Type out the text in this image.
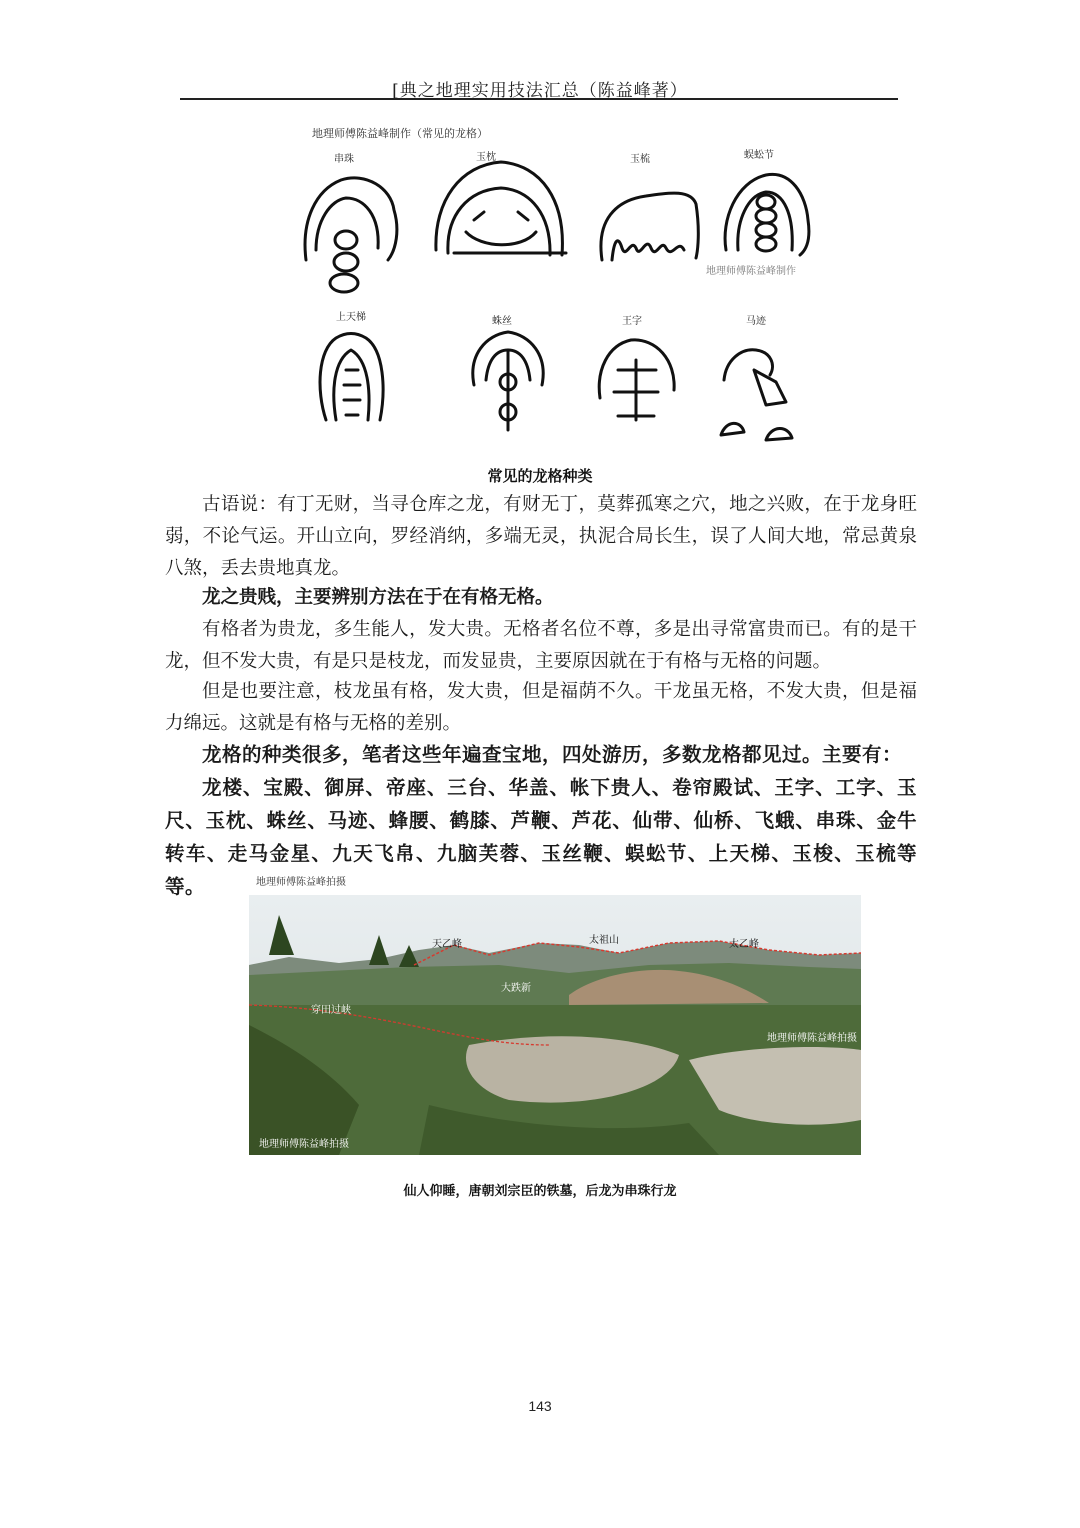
[典之地理实用技法汇总（陈益峰著）
地理师傅陈益峰制作（常见的龙格）
串珠	玉枕	玉梳	蜈蚣节
上天梯	蛛丝	王字	马迹
地理师傅陈益峰制作
常见的龙格种类

古语说：有丁无财，当寻仓库之龙，有财无丁，莫葬孤寒之穴，地之兴败，在于龙身旺弱，不论气运。开山立向，罗经消纳，多端无灵，执泥合局长生，误了人间大地，常忌黄泉八煞，丢去贵地真龙。

龙之贵贱，主要辨别方法在于在有格无格。

有格者为贵龙，多生能人，发大贵。无格者名位不尊，多是出寻常富贵而已。有的是干龙，但不发大贵，有是只是枝龙，而发显贵，主要原因就在于有格与无格的问题。

但是也要注意，枝龙虽有格，发大贵，但是福荫不久。干龙虽无格，不发大贵，但是福力绵远。这就是有格与无格的差别。

龙格的种类很多，笔者这些年遍查宝地，四处游历，多数龙格都见过。主要有：

龙楼、宝殿、御屏、帝座、三台、华盖、帐下贵人、卷帘殿试、王字、工字、玉尺、玉枕、蛛丝、马迹、蜂腰、鹤膝、芦鞭、芦花、仙带、仙桥、飞蛾、串珠、金牛转车、走马金星、九天飞帛、九脑芙蓉、玉丝鞭、蜈蚣节、上天梯、玉梭、玉梳等等。	地理师傅陈益峰拍摄
天乙峰	太祖山	太乙峰
大跌新
穿田过峡
地理师傅陈益峰拍摄
地理师傅陈益峰拍摄
仙人仰睡，唐朝刘宗臣的铁墓，后龙为串珠行龙
143
